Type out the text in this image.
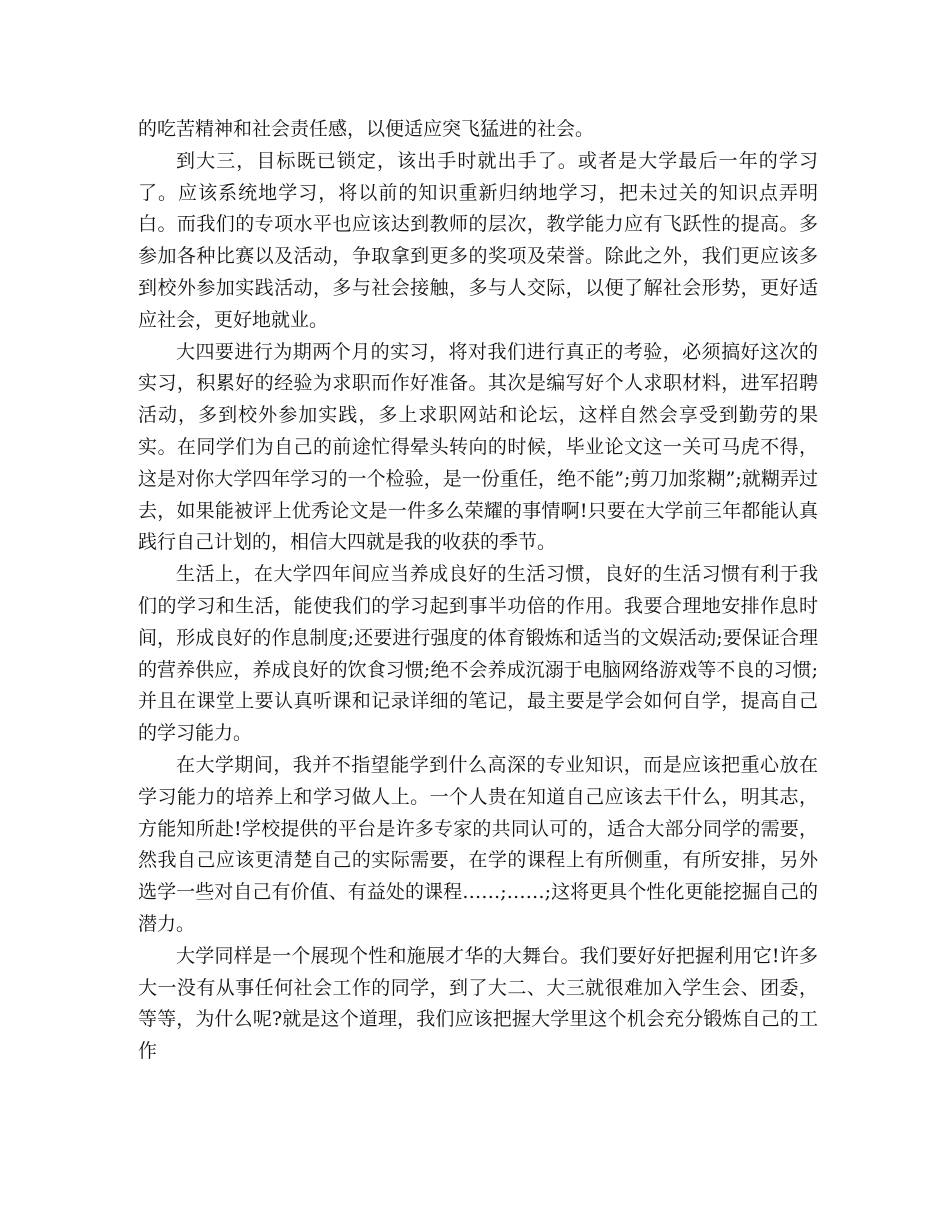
的吃苦精神和社会责任感，以便适应突飞猛进的社会。

到大三，目标既已锁定，该出手时就出手了。或者是大学最后一年的学习了。应该系统地学习，将以前的知识重新归纳地学习，把未过关的知识点弄明白。而我们的专项水平也应该达到教师的层次，教学能力应有飞跃性的提高。多参加各种比赛以及活动，争取拿到更多的奖项及荣誉。除此之外，我们更应该多到校外参加实践活动，多与社会接触，多与人交际，以便了解社会形势，更好适应社会，更好地就业。

大四要进行为期两个月的实习，将对我们进行真正的考验，必须搞好这次的实习，积累好的经验为求职而作好准备。其次是编写好个人求职材料，进军招聘活动，多到校外参加实践，多上求职网站和论坛，这样自然会享受到勤劳的果实。在同学们为自己的前途忙得晕头转向的时候，毕业论文这一关可马虎不得，这是对你大学四年学习的一个检验，是一份重任，绝不能”;剪刀加浆糊”;就糊弄过去，如果能被评上优秀论文是一件多么荣耀的事情啊!只要在大学前三年都能认真践行自己计划的，相信大四就是我的收获的季节。

生活上，在大学四年间应当养成良好的生活习惯，良好的生活习惯有利于我们的学习和生活，能使我们的学习起到事半功倍的作用。我要合理地安排作息时间，形成良好的作息制度;还要进行强度的体育锻炼和适当的文娱活动;要保证合理的营养供应，养成良好的饮食习惯;绝不会养成沉溺于电脑网络游戏等不良的习惯;并且在课堂上要认真听课和记录详细的笔记，最主要是学会如何自学，提高自己的学习能力。

在大学期间，我并不指望能学到什么高深的专业知识，而是应该把重心放在学习能力的培养上和学习做人上。一个人贵在知道自己应该去干什么，明其志，方能知所赴!学校提供的平台是许多专家的共同认可的，适合大部分同学的需要，然我自己应该更清楚自己的实际需要，在学的课程上有所侧重，有所安排，另外选学一些对自己有价值、有益处的课程……;……;这将更具个性化更能挖掘自己的潜力。

大学同样是一个展现个性和施展才华的大舞台。我们要好好把握利用它!许多大一没有从事任何社会工作的同学，到了大二、大三就很难加入学生会、团委，等等，为什么呢?就是这个道理，我们应该把握大学里这个机会充分锻炼自己的工作
